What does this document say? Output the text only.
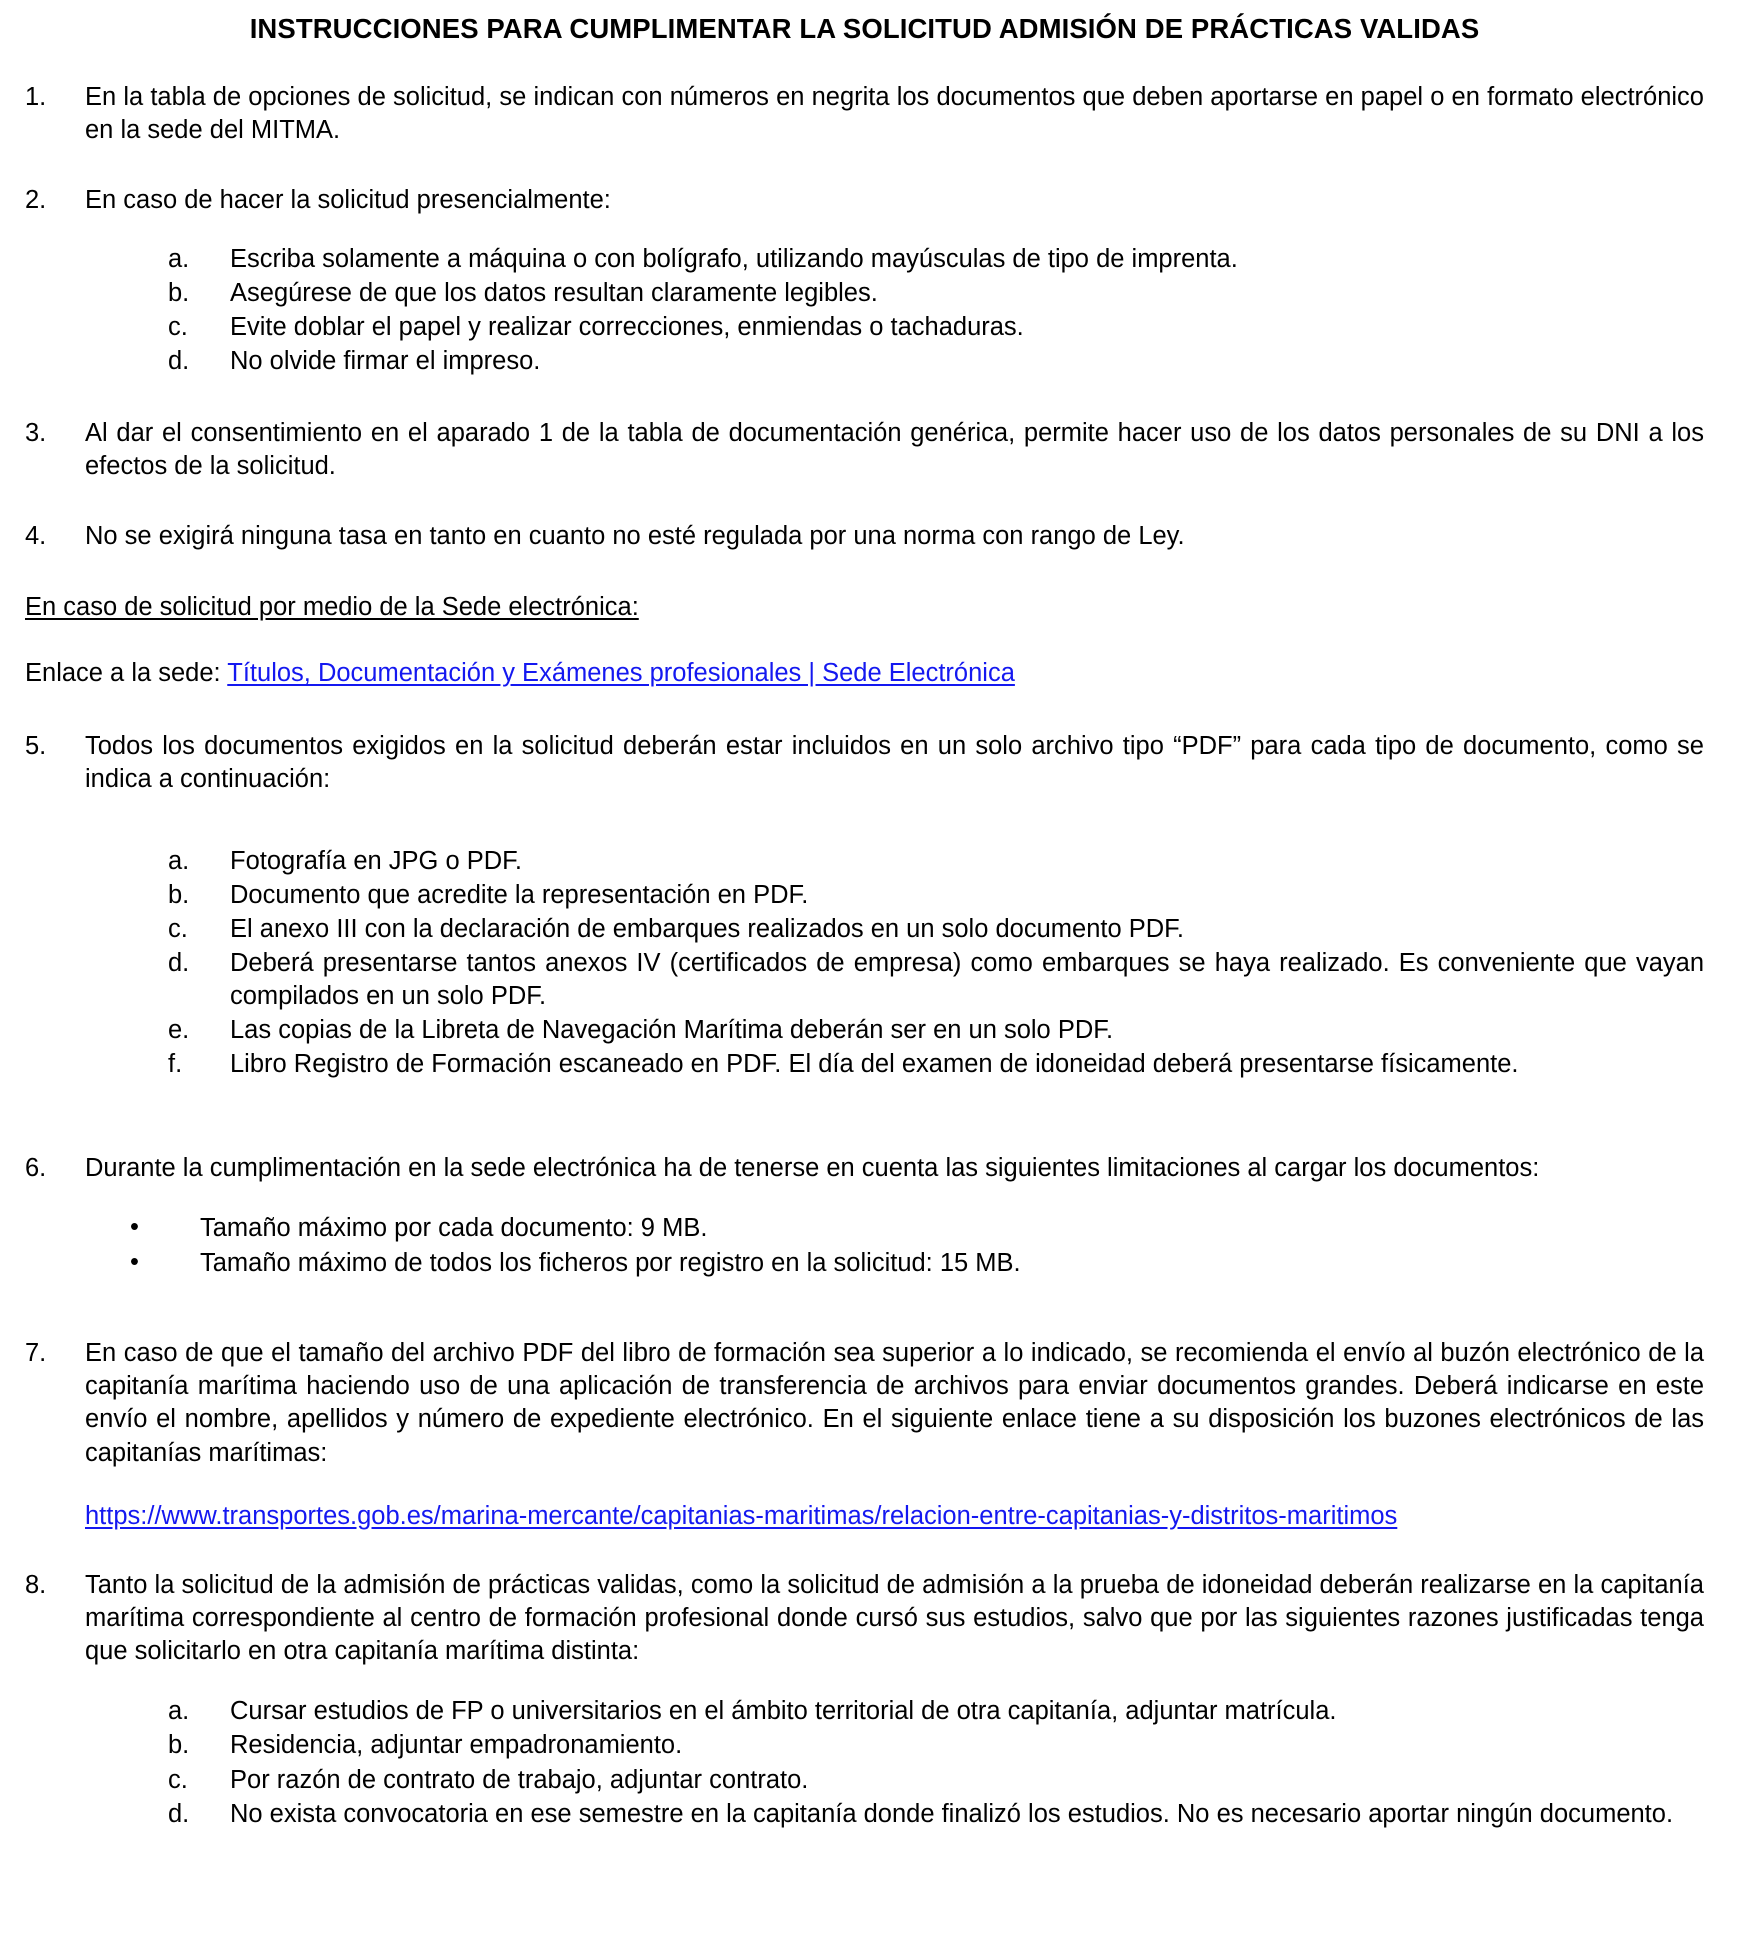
INSTRUCCIONES PARA CUMPLIMENTAR LA SOLICITUD ADMISIÓN DE PRÁCTICAS VALIDAS
1.	En la tabla de opciones de solicitud, se indican con números en negrita los documentos que deben aportarse en papel o en formato electrónico en la sede del MITMA.
2.	En caso de hacer la solicitud presencialmente:
a. Escriba solamente a máquina o con bolígrafo, utilizando mayúsculas de tipo de imprenta.
b. Asegúrese de que los datos resultan claramente legibles.
c. Evite doblar el papel y realizar correcciones, enmiendas o tachaduras.
d. No olvide firmar el impreso.
3.	Al dar el consentimiento en el aparado 1 de la tabla de documentación genérica, permite hacer uso de los datos personales de su DNI a los efectos de la solicitud.
4.	No se exigirá ninguna tasa en tanto en cuanto no esté regulada por una norma con rango de Ley.
En caso de solicitud por medio de la Sede electrónica:
Enlace a la sede: Títulos, Documentación y Exámenes profesionales | Sede Electrónica
5.	Todos los documentos exigidos en la solicitud deberán estar incluidos en un solo archivo tipo “PDF” para cada tipo de documento, como se indica a continuación:
a. Fotografía en JPG o PDF.
b. Documento que acredite la representación en PDF.
c. El anexo III con la declaración de embarques realizados en un solo documento PDF.
d. Deberá presentarse tantos anexos IV (certificados de empresa) como embarques se haya realizado. Es conveniente que vayan compilados en un solo PDF.
e. Las copias de la Libreta de Navegación Marítima deberán ser en un solo PDF.
f. Libro Registro de Formación escaneado en PDF. El día del examen de idoneidad deberá presentarse físicamente.
6.	Durante la cumplimentación en la sede electrónica ha de tenerse en cuenta las siguientes limitaciones al cargar los documentos:
• Tamaño máximo por cada documento: 9 MB.
• Tamaño máximo de todos los ficheros por registro en la solicitud: 15 MB.
7.	En caso de que el tamaño del archivo PDF del libro de formación sea superior a lo indicado, se recomienda el envío al buzón electrónico de la capitanía marítima haciendo uso de una aplicación de transferencia de archivos para enviar documentos grandes. Deberá indicarse en este envío el nombre, apellidos y número de expediente electrónico. En el siguiente enlace tiene a su disposición los buzones electrónicos de las capitanías marítimas:
https://www.transportes.gob.es/marina-mercante/capitanias-maritimas/relacion-entre-capitanias-y-distritos-maritimos
8.	Tanto la solicitud de la admisión de prácticas validas, como la solicitud de admisión a la prueba de idoneidad deberán realizarse en la capitanía marítima correspondiente al centro de formación profesional donde cursó sus estudios, salvo que por las siguientes razones justificadas tenga que solicitarlo en otra capitanía marítima distinta:
a. Cursar estudios de FP o universitarios en el ámbito territorial de otra capitanía, adjuntar matrícula.
b. Residencia, adjuntar empadronamiento.
c. Por razón de contrato de trabajo, adjuntar contrato.
d. No exista convocatoria en ese semestre en la capitanía donde finalizó los estudios. No es necesario aportar ningún documento.
